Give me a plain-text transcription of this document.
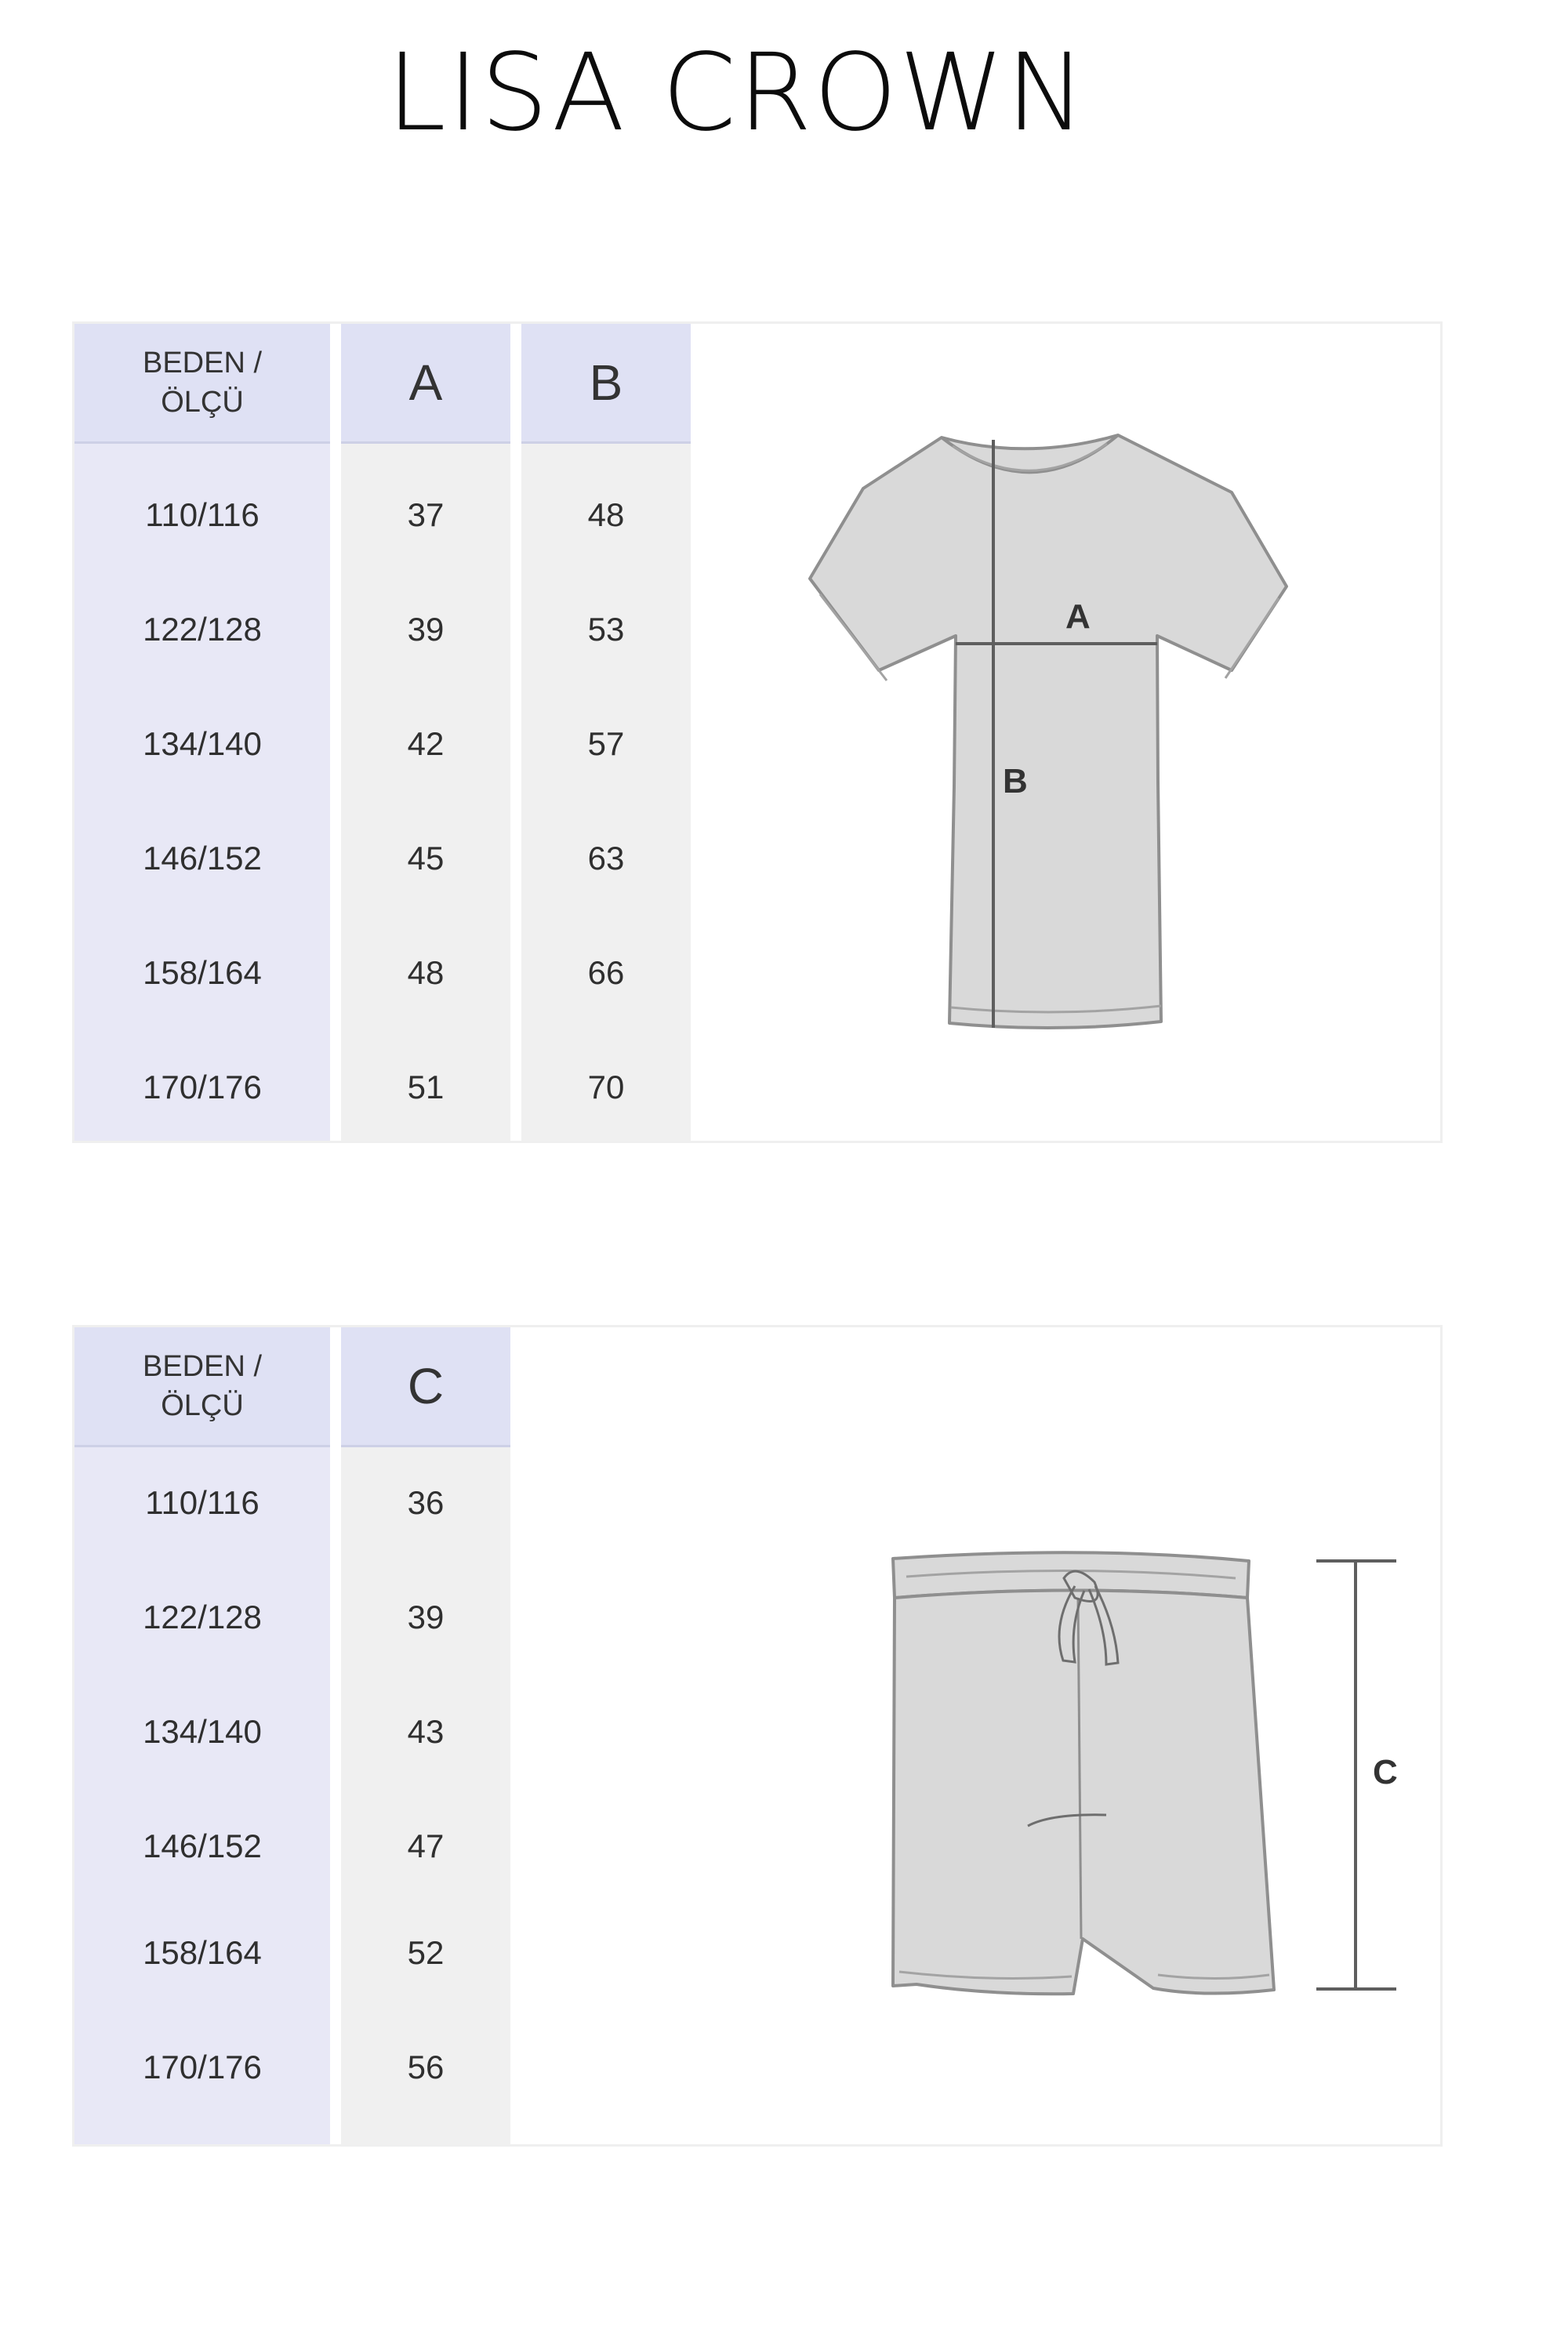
LISA CROWN
BEDEN /
ÖLÇÜ
110/116
122/128
134/140
146/152
158/164
170/176
A
37
39
42
45
48
51
B
48
53
57
63
66
70
A
B
BEDEN /
ÖLÇÜ
110/116
122/128
134/140
146/152
158/164
170/176
C
36
39
43
47
52
56
C
